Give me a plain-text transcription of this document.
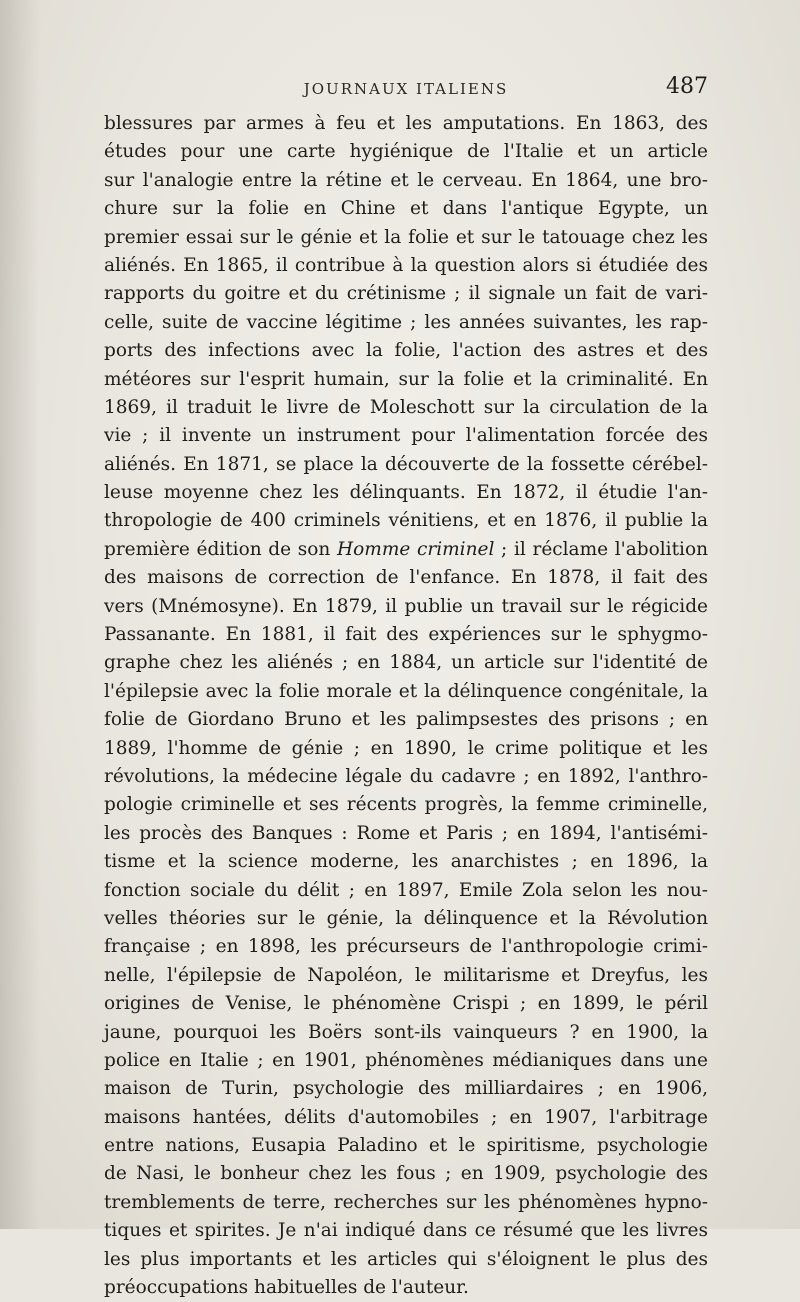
JOURNAUX ITALIENS	487
blessures par armes à feu et les amputations. En 1863, des
études pour une carte hygiénique de l'Italie et un article
sur l'analogie entre la rétine et le cerveau. En 1864, une bro-
chure sur la folie en Chine et dans l'antique Egypte, un
premier essai sur le génie et la folie et sur le tatouage chez les
aliénés. En 1865, il contribue à la question alors si étudiée des
rapports du goitre et du crétinisme ; il signale un fait de vari-
celle, suite de vaccine légitime ; les années suivantes, les rap-
ports des infections avec la folie, l'action des astres et des
météores sur l'esprit humain, sur la folie et la criminalité. En
1869, il traduit le livre de Moleschott sur la circulation de la
vie ; il invente un instrument pour l'alimentation forcée des
aliénés. En 1871, se place la découverte de la fossette cérébel-
leuse moyenne chez les délinquants. En 1872, il étudie l'an-
thropologie de 400 criminels vénitiens, et en 1876, il publie la
première édition de son Homme criminel ; il réclame l'abolition
des maisons de correction de l'enfance. En 1878, il fait des
vers (Mnémosyne). En 1879, il publie un travail sur le régicide
Passanante. En 1881, il fait des expériences sur le sphygmo-
graphe chez les aliénés ; en 1884, un article sur l'identité de
l'épilepsie avec la folie morale et la délinquence congénitale, la
folie de Giordano Bruno et les palimpsestes des prisons ; en
1889, l'homme de génie ; en 1890, le crime politique et les
révolutions, la médecine légale du cadavre ; en 1892, l'anthro-
pologie criminelle et ses récents progrès, la femme criminelle,
les procès des Banques : Rome et Paris ; en 1894, l'antisémi-
tisme et la science moderne, les anarchistes ; en 1896, la
fonction sociale du délit ; en 1897, Emile Zola selon les nou-
velles théories sur le génie, la délinquence et la Révolution
française ; en 1898, les précurseurs de l'anthropologie crimi-
nelle, l'épilepsie de Napoléon, le militarisme et Dreyfus, les
origines de Venise, le phénomène Crispi ; en 1899, le péril
jaune, pourquoi les Boërs sont-ils vainqueurs ? en 1900, la
police en Italie ; en 1901, phénomènes médianiques dans une
maison de Turin, psychologie des milliardaires ; en 1906,
maisons hantées, délits d'automobiles ; en 1907, l'arbitrage
entre nations, Eusapia Paladino et le spiritisme, psychologie
de Nasi, le bonheur chez les fous ; en 1909, psychologie des
tremblements de terre, recherches sur les phénomènes hypno-
tiques et spirites. Je n'ai indiqué dans ce résumé que les livres
les plus importants et les articles qui s'éloignent le plus des
préoccupations habituelles de l'auteur.
